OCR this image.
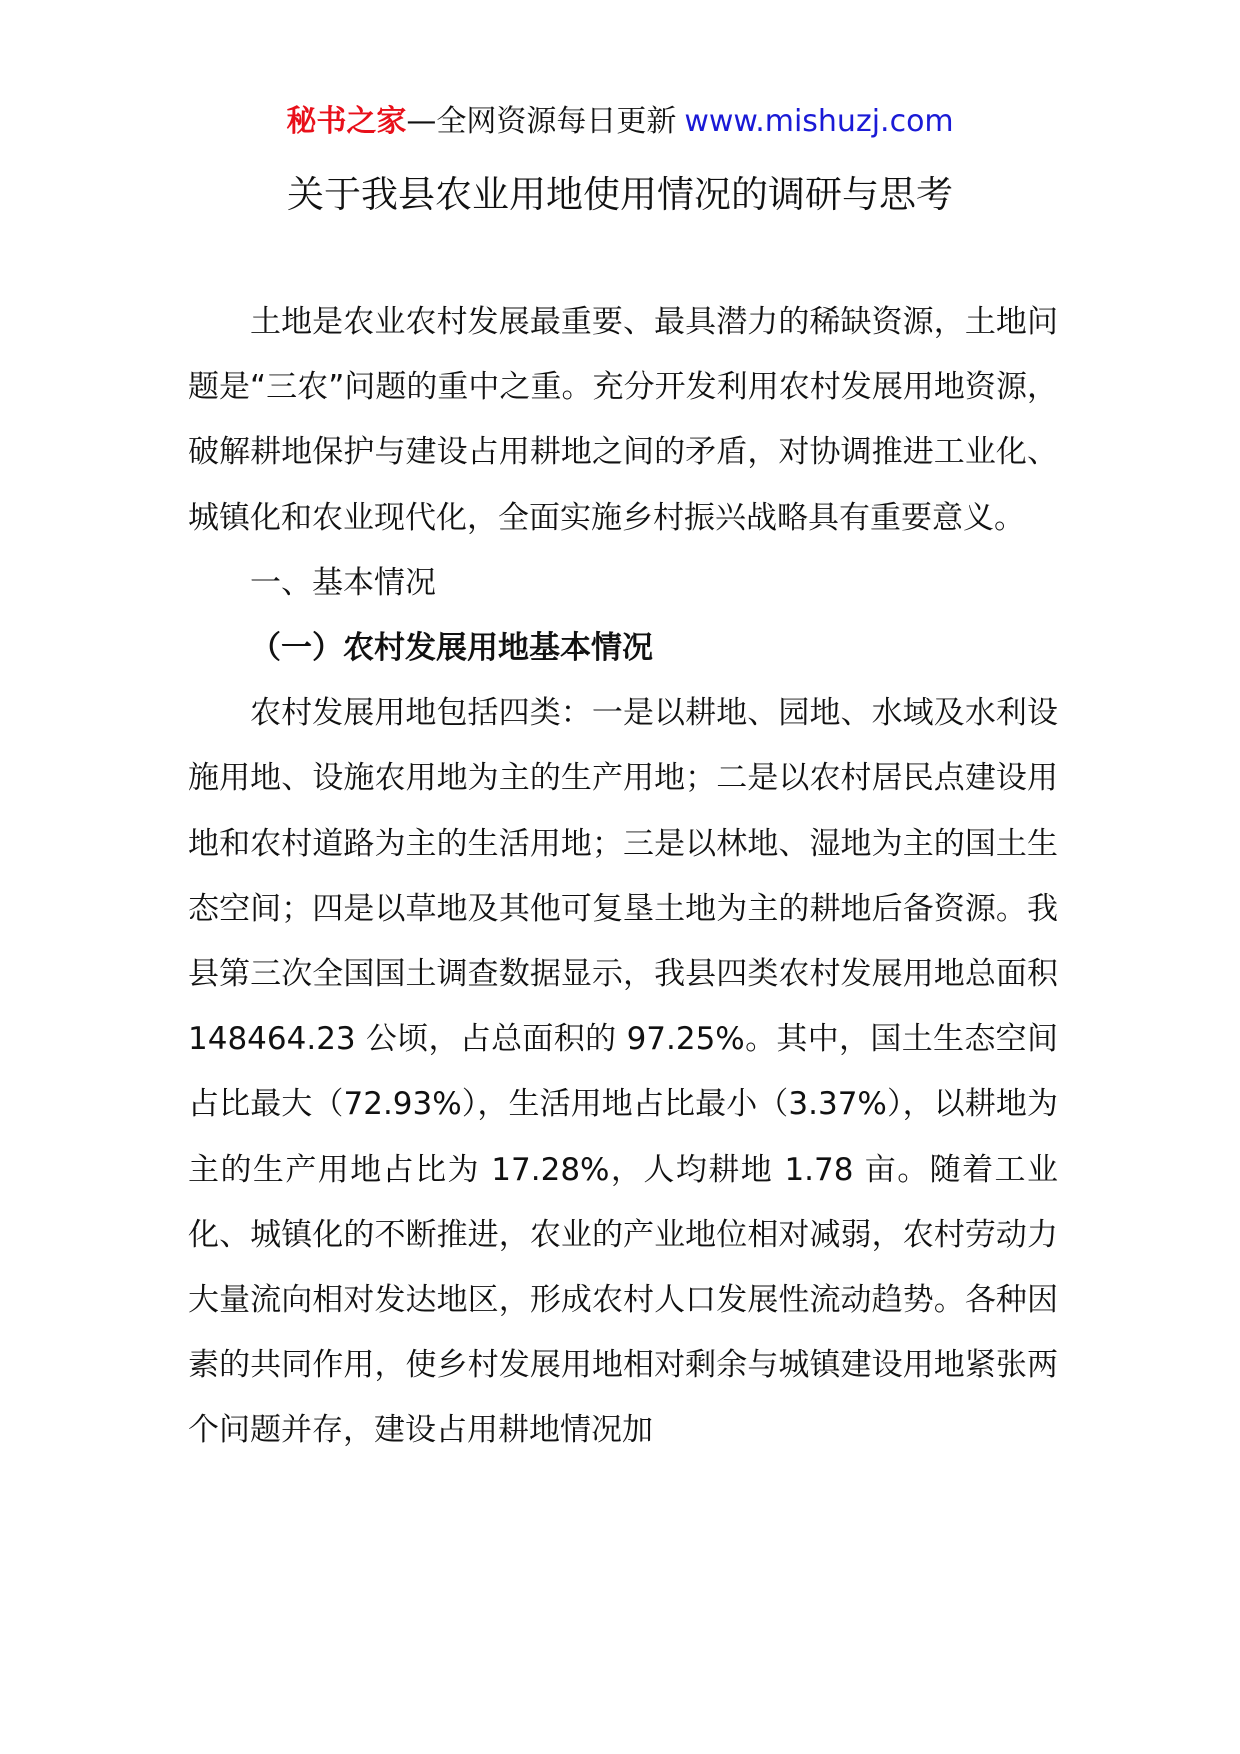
秘书之家—全网资源每日更新 www.mishuzj.com
关于我县农业用地使用情况的调研与思考

土地是农业农村发展最重要、最具潜力的稀缺资源，土地问题是“三农”问题的重中之重。充分开发利用农村发展用地资源，破解耕地保护与建设占用耕地之间的矛盾，对协调推进工业化、城镇化和农业现代化，全面实施乡村振兴战略具有重要意义。

一、基本情况

（一）农村发展用地基本情况

农村发展用地包括四类：一是以耕地、园地、水域及水利设施用地、设施农用地为主的生产用地；二是以农村居民点建设用地和农村道路为主的生活用地；三是以林地、湿地为主的国土生态空间；四是以草地及其他可复垦土地为主的耕地后备资源。我县第三次全国国土调查数据显示，我县四类农村发展用地总面积 148464.23 公顷，占总面积的 97.25%。其中，国土生态空间占比最大（72.93%），生活用地占比最小（3.37%），以耕地为主的生产用地占比为 17.28%，人均耕地 1.78 亩。随着工业化、城镇化的不断推进，农业的产业地位相对减弱，农村劳动力大量流向相对发达地区，形成农村人口发展性流动趋势。各种因素的共同作用，使乡村发展用地相对剩余与城镇建设用地紧张两个问题并存，建设占用耕地情况加
